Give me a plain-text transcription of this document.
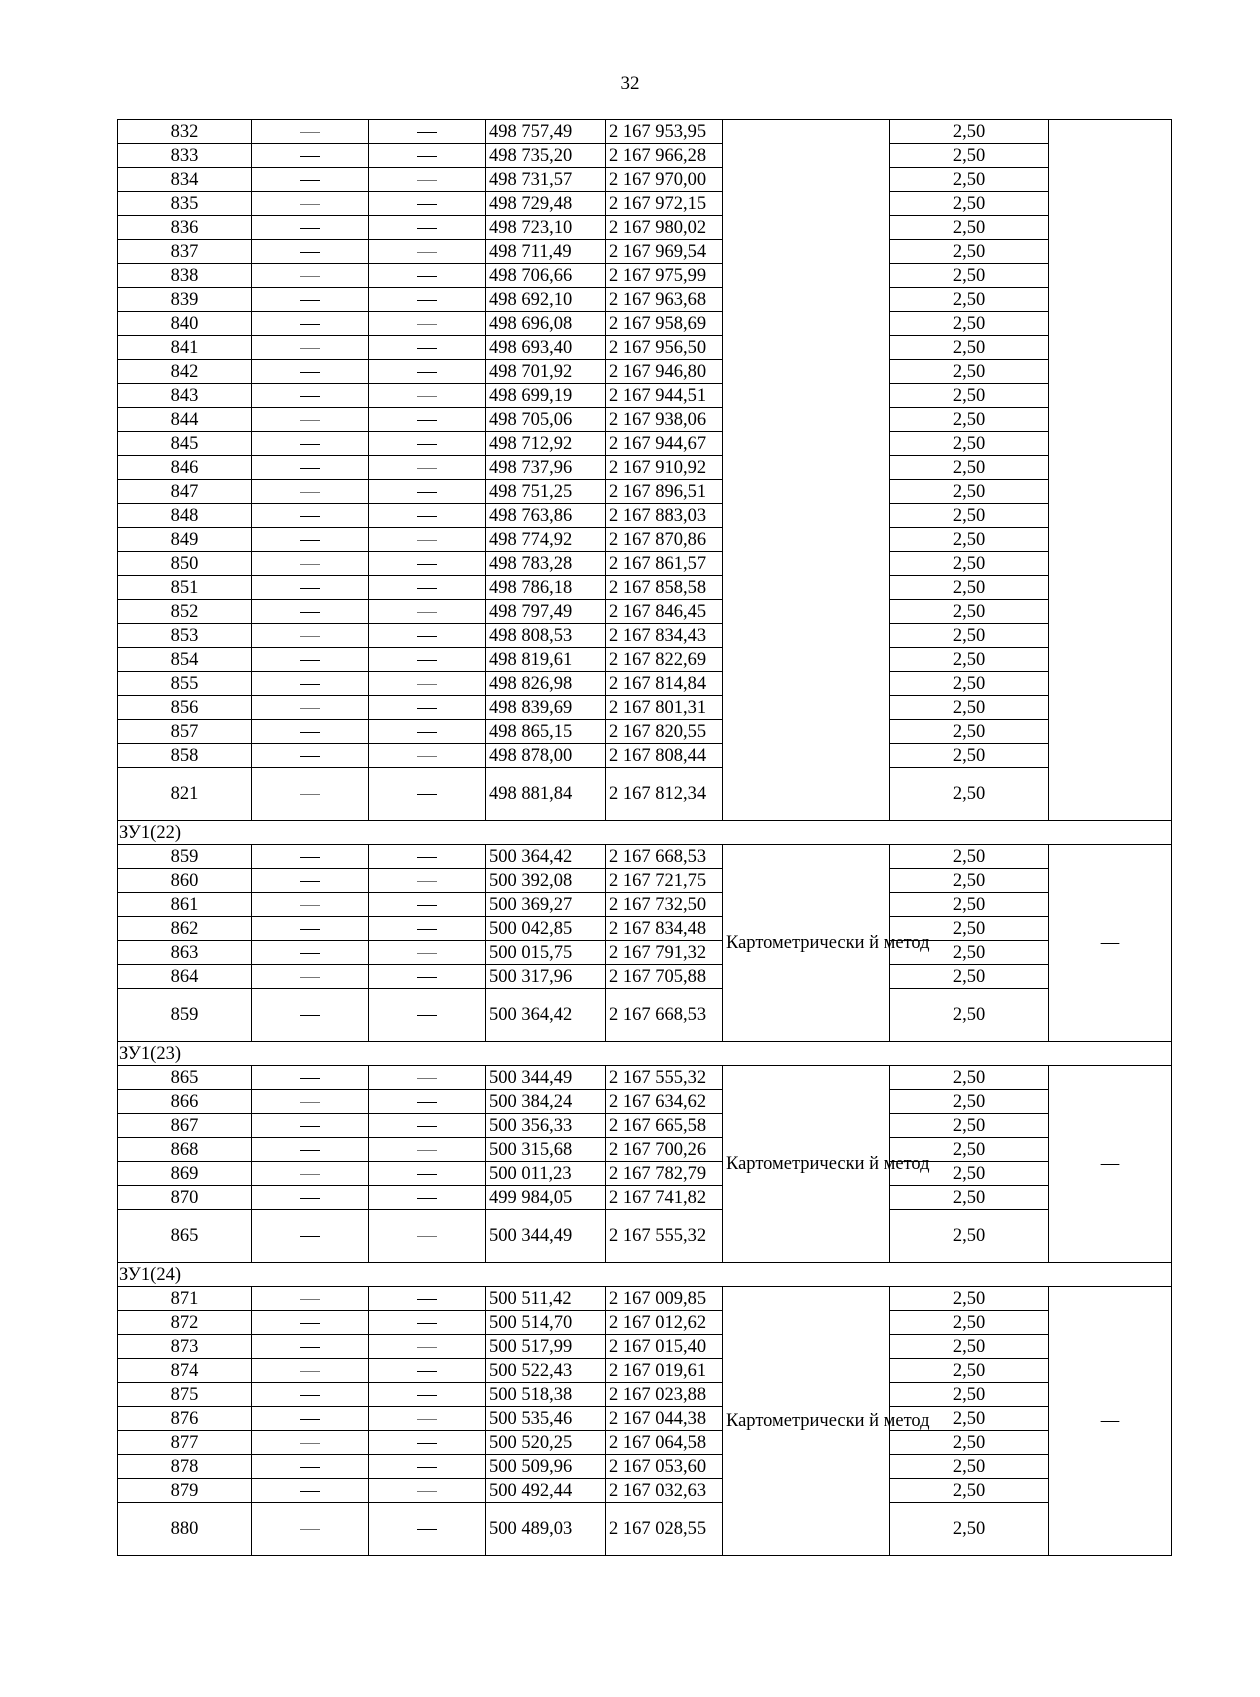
32
832			498 757,49	2 167 953,95		2,50	
833			498 735,20	2 167 966,28		2,50	
834			498 731,57	2 167 970,00		2,50	
835			498 729,48	2 167 972,15		2,50	
836			498 723,10	2 167 980,02		2,50	
837			498 711,49	2 167 969,54		2,50	
838			498 706,66	2 167 975,99		2,50	
839			498 692,10	2 167 963,68		2,50	
840			498 696,08	2 167 958,69		2,50	
841			498 693,40	2 167 956,50		2,50	
842			498 701,92	2 167 946,80		2,50	
843			498 699,19	2 167 944,51		2,50	
844			498 705,06	2 167 938,06		2,50	
845			498 712,92	2 167 944,67		2,50	
846			498 737,96	2 167 910,92		2,50	
847			498 751,25	2 167 896,51		2,50	
848			498 763,86	2 167 883,03		2,50	
849			498 774,92	2 167 870,86		2,50	
850			498 783,28	2 167 861,57		2,50	
851			498 786,18	2 167 858,58		2,50	
852			498 797,49	2 167 846,45		2,50	
853			498 808,53	2 167 834,43		2,50	
854			498 819,61	2 167 822,69		2,50	
855			498 826,98	2 167 814,84		2,50	
856			498 839,69	2 167 801,31		2,50	
857			498 865,15	2 167 820,55		2,50	
858			498 878,00	2 167 808,44		2,50	
821			498 881,84	2 167 812,34		2,50	
ЗУ1(22)							
859			500 364,42	2 167 668,53	Картометрически й метод	2,50	—
860			500 392,08	2 167 721,75		2,50	
861			500 369,27	2 167 732,50		2,50	
862			500 042,85	2 167 834,48		2,50	
863			500 015,75	2 167 791,32		2,50	
864			500 317,96	2 167 705,88		2,50	
859			500 364,42	2 167 668,53		2,50	
ЗУ1(23)							
865			500 344,49	2 167 555,32	Картометрически й метод	2,50	—
866			500 384,24	2 167 634,62		2,50	
867			500 356,33	2 167 665,58		2,50	
868			500 315,68	2 167 700,26		2,50	
869			500 011,23	2 167 782,79		2,50	
870			499 984,05	2 167 741,82		2,50	
865			500 344,49	2 167 555,32		2,50	
ЗУ1(24)							
871			500 511,42	2 167 009,85	Картометрически й метод	2,50	—
872			500 514,70	2 167 012,62		2,50	
873			500 517,99	2 167 015,40		2,50	
874			500 522,43	2 167 019,61		2,50	
875			500 518,38	2 167 023,88		2,50	
876			500 535,46	2 167 044,38		2,50	
877			500 520,25	2 167 064,58		2,50	
878			500 509,96	2 167 053,60		2,50	
879			500 492,44	2 167 032,63		2,50	
880			500 489,03	2 167 028,55		2,50	
